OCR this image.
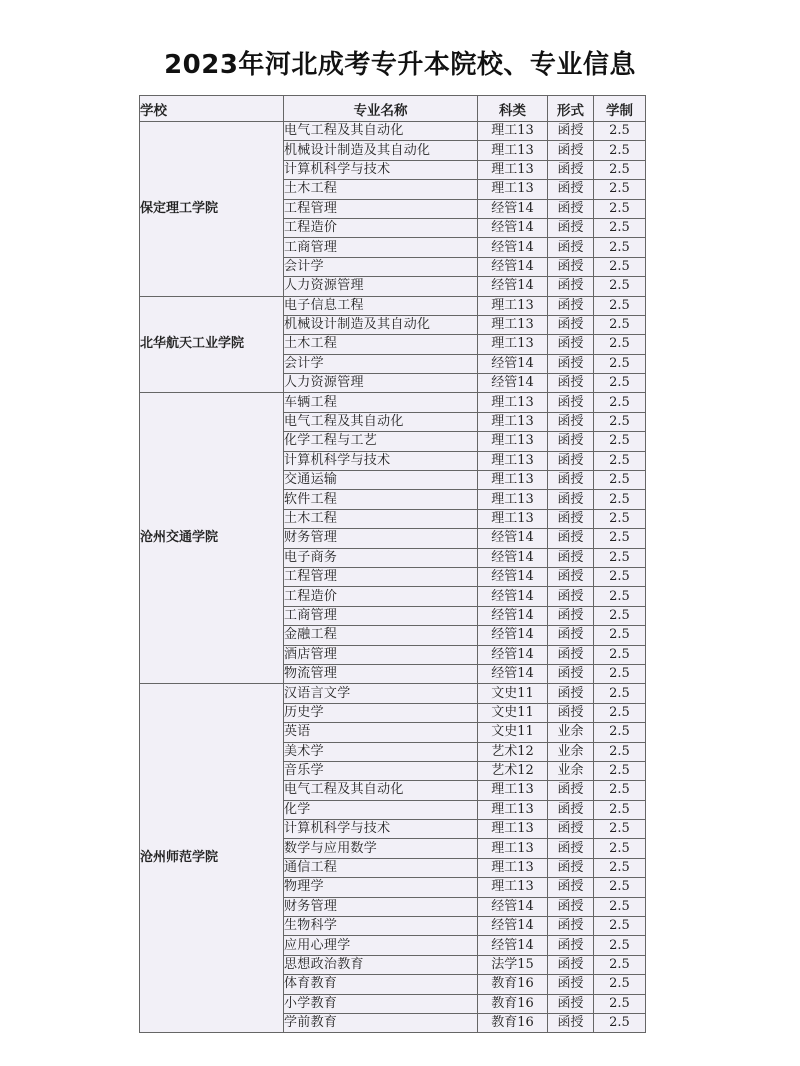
2023年河北成考专升本院校、专业信息
学校	专业名称	科类	形式	学制
保定理工学院	电气工程及其自动化	理工13	函授	2.5
	机械设计制造及其自动化	理工13	函授	2.5
	计算机科学与技术	理工13	函授	2.5
	土木工程	理工13	函授	2.5
	工程管理	经管14	函授	2.5
	工程造价	经管14	函授	2.5
	工商管理	经管14	函授	2.5
	会计学	经管14	函授	2.5
	人力资源管理	经管14	函授	2.5
北华航天工业学院	电子信息工程	理工13	函授	2.5
	机械设计制造及其自动化	理工13	函授	2.5
	土木工程	理工13	函授	2.5
	会计学	经管14	函授	2.5
	人力资源管理	经管14	函授	2.5
沧州交通学院	车辆工程	理工13	函授	2.5
	电气工程及其自动化	理工13	函授	2.5
	化学工程与工艺	理工13	函授	2.5
	计算机科学与技术	理工13	函授	2.5
	交通运输	理工13	函授	2.5
	软件工程	理工13	函授	2.5
	土木工程	理工13	函授	2.5
	财务管理	经管14	函授	2.5
	电子商务	经管14	函授	2.5
	工程管理	经管14	函授	2.5
	工程造价	经管14	函授	2.5
	工商管理	经管14	函授	2.5
	金融工程	经管14	函授	2.5
	酒店管理	经管14	函授	2.5
	物流管理	经管14	函授	2.5
沧州师范学院	汉语言文学	文史11	函授	2.5
	历史学	文史11	函授	2.5
	英语	文史11	业余	2.5
	美术学	艺术12	业余	2.5
	音乐学	艺术12	业余	2.5
	电气工程及其自动化	理工13	函授	2.5
	化学	理工13	函授	2.5
	计算机科学与技术	理工13	函授	2.5
	数学与应用数学	理工13	函授	2.5
	通信工程	理工13	函授	2.5
	物理学	理工13	函授	2.5
	财务管理	经管14	函授	2.5
	生物科学	经管14	函授	2.5
	应用心理学	经管14	函授	2.5
	思想政治教育	法学15	函授	2.5
	体育教育	教育16	函授	2.5
	小学教育	教育16	函授	2.5
	学前教育	教育16	函授	2.5
